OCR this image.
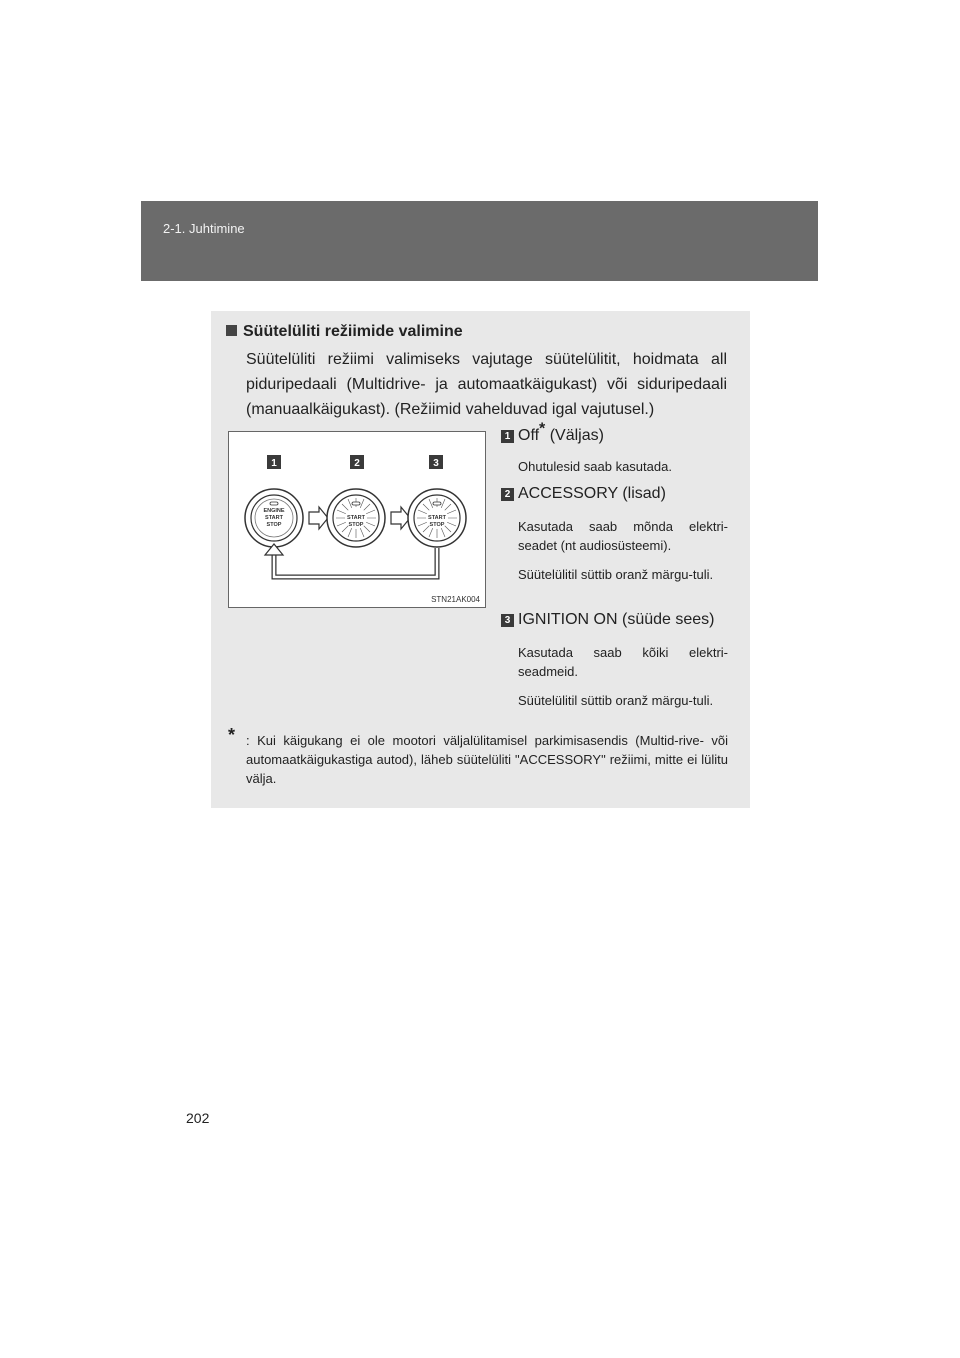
2-1. Juhtimine
Süütelüliti režiimide valimine
Süütelüliti režiimi valimiseks vajutage süütelülitit, hoidmata all piduripedaali (Multidrive- ja automaatkäigukast) või siduripedaali (manuaalkäigukast). (Režiimid vahelduvad igal vajutusel.)
1	2	3
ENGINE
START
STOP
START
STOP
START
STOP
STN21AK004
1 Off* (Väljas)
Ohutulesid saab kasutada.
2 ACCESSORY (lisad)
Kasutada saab mõnda elektri-seadet (nt audiosüsteemi).
Süütelülitil süttib oranž märgu-tuli.
3 IGNITION ON (süüde sees)
Kasutada saab kõiki elektri-seadmeid.
Süütelülitil süttib oranž märgu-tuli.
* : Kui käigukang ei ole mootori väljalülitamisel parkimisasendis (Multid-rive- või automaatkäigukastiga autod), läheb süütelüliti "ACCESSORY" režiimi, mitte ei lülitu välja.
202
